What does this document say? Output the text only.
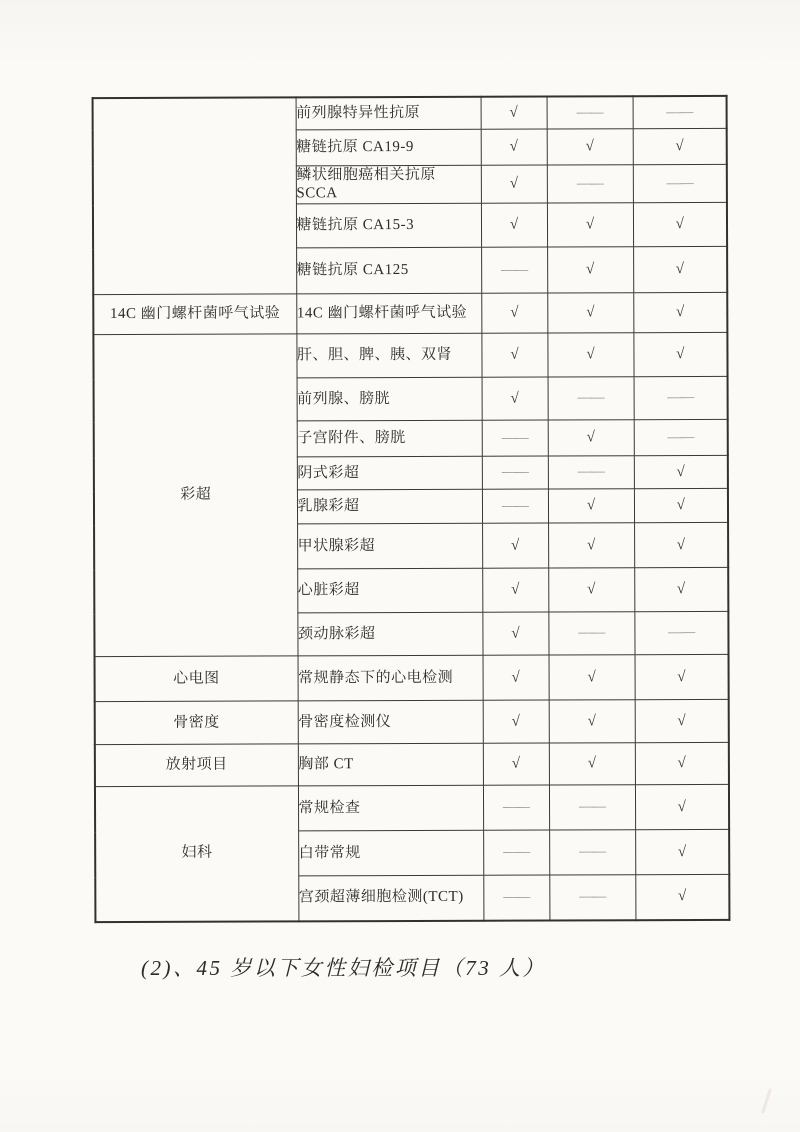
	前列腺特异性抗原	√	——	——
	糖链抗原 CA19-9	√	√	√
	鳞状细胞癌相关抗原 SCCA	√	——	——
	糖链抗原 CA15-3	√	√	√
	糖链抗原 CA125	——	√	√
14C 幽门螺杆菌呼气试验	14C 幽门螺杆菌呼气试验	√	√	√
彩超	肝、胆、脾、胰、双肾	√	√	√
	前列腺、膀胱	√	——	——
	子宫附件、膀胱	——	√	——
	阴式彩超	——	——	√
	乳腺彩超	——	√	√
	甲状腺彩超	√	√	√
	心脏彩超	√	√	√
	颈动脉彩超	√	——	——
心电图	常规静态下的心电检测	√	√	√
骨密度	骨密度检测仪	√	√	√
放射项目	胸部 CT	√	√	√
妇科	常规检查	——	——	√
	白带常规	——	——	√
	宫颈超薄细胞检测(TCT)	——	——	√
(2)、45 岁以下女性妇检项目（73 人）
